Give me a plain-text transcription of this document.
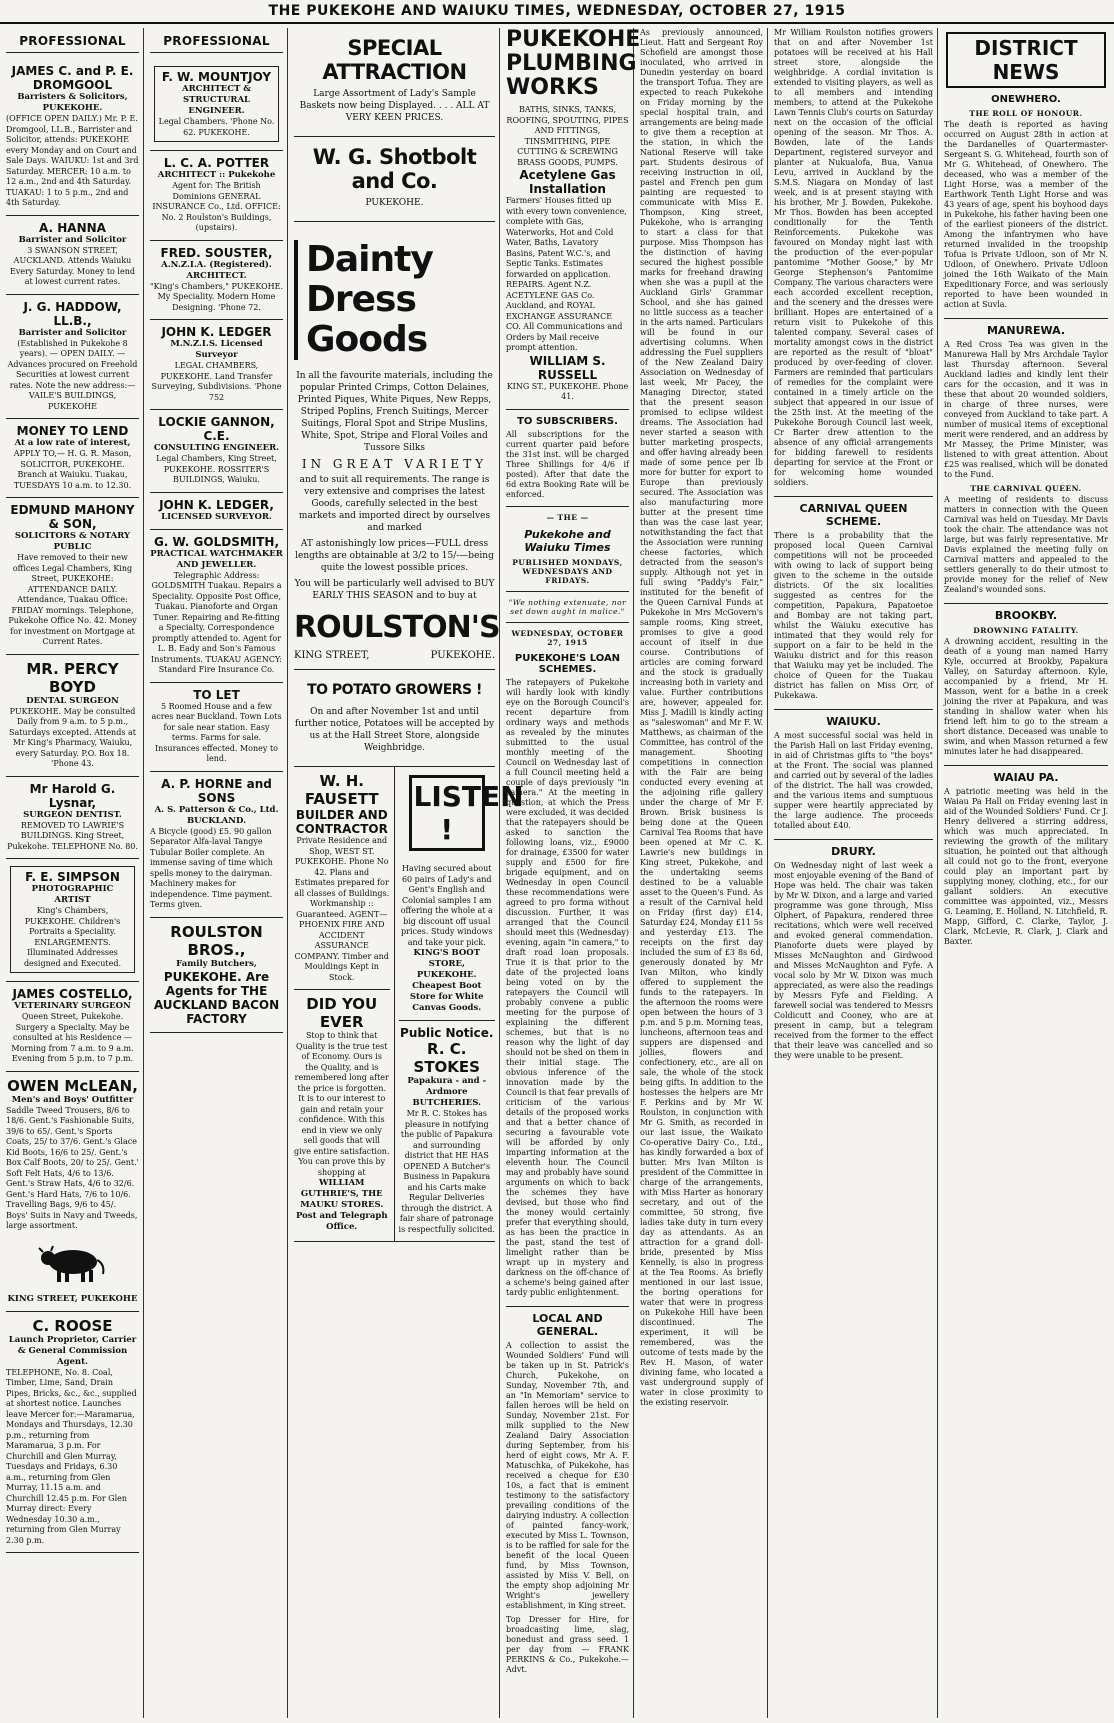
THE PUKEKOHE AND WAIUKU TIMES, WEDNESDAY, OCTOBER 27, 1915
PROFESSIONAL
JAMES C. and P. E. DROMGOOL
Barristers & Solicitors, PUKEKOHE.
(OFFICE OPEN DAILY.) Mr. P. E. Dromgool, LL.B., Barrister and Solicitor, attends: PUKEKOHE every Monday and on Court and Sale Days. WAIUKU: 1st and 3rd Saturday. MERCER: 10 a.m. to 12 a.m., 2nd and 4th Saturday. TUAKAU: 1 to 5 p.m., 2nd and 4th Saturday.
A. HANNA
Barrister and Solicitor
3 SWANSON STREET, AUCKLAND. Attends Waiuku Every Saturday. Money to lend at lowest current rates.
J. G. HADDOW, LL.B.,
Barrister and Solicitor
(Established in Pukekohe 8 years). — OPEN DAILY. — Advances procured on Freehold Securities at lowest current rates. Note the new address:— VAILE'S BUILDINGS, PUKEKOHE
MONEY TO LEND
At a low rate of interest,
APPLY TO,— H. G. R. Mason, SOLICITOR, PUKEKOHE. Branch at Waiuku. Tuakau, TUESDAYS 10 a.m. to 12.30.
EDMUND MAHONY & SON,
SOLICITORS & NOTARY PUBLIC
Have removed to their new offices Legal Chambers, King Street, PUKEKOHE: ATTENDANCE DAILY. Attendance, Tuakau Office: FRIDAY mornings. Telephone, Pukekohe Office No. 42. Money for investment on Mortgage at Current Rates.
MR. PERCY BOYD
DENTAL SURGEON
PUKEKOHE. May be consulted Daily from 9 a.m. to 5 p.m., Saturdays excepted. Attends at Mr King's Pharmacy, Waiuku, every Saturday. P.O. Box 18. 'Phone 43.
Mr Harold G. Lysnar,
SURGEON DENTIST.
REMOVED TO LAWRIE'S BUILDINGS. King Street, Pukekohe. TELEPHONE No. 80.
F. E. SIMPSON
PHOTOGRAPHIC ARTIST
King's Chambers, PUKEKOHE. Children's Portraits a Speciality. ENLARGEMENTS. Illuminated Addresses designed and Executed.
JAMES COSTELLO,
VETERINARY SURGEON
Queen Street, Pukekohe. Surgery a Specialty. May be consulted at his Residence — Morning from 7 a.m. to 9 a.m. Evening from 5 p.m. to 7 p.m.
OWEN McLEAN,
Men's and Boys' Outfitter
Saddle Tweed Trousers, 8/6 to 18/6. Gent.'s Fashionable Suits, 39/6 to 65/. Gent.'s Sports Coats, 25/ to 37/6. Gent.'s Glace Kid Boots, 16/6 to 25/. Gent.'s Box Calf Boots, 20/ to 25/. Gent.' Soft Felt Hats, 4/6 to 13/6. Gent.'s Straw Hats, 4/6 to 32/6. Gent.'s Hard Hats, 7/6 to 10/6. Travelling Bags, 9/6 to 45/. Boys' Suits in Navy and Tweeds, large assortment.
KING STREET, PUKEKOHE
C. ROOSE
Launch Proprietor, Carrier & General Commission Agent.
TELEPHONE, No. 8. Coal, Timber, Lime, Sand, Drain Pipes, Bricks, &c., &c., supplied at shortest notice. Launches leave Mercer for:—Maramarua, Mondays and Thursdays, 12.30 p.m., returning from Maramarua, 3 p.m. For Churchill and Glen Murray, Tuesdays and Fridays, 6.30 a.m., returning from Glen Murray, 11.15 a.m. and Churchill 12.45 p.m. For Glen Murray direct: Every Wednesday 10.30 a.m., returning from Glen Murray 2.30 p.m.
PROFESSIONAL
F. W. MOUNTJOY
ARCHITECT & STRUCTURAL ENGINEER.
Legal Chambers. 'Phone No. 62. PUKEKOHE.
L. C. A. POTTER
ARCHITECT :: Pukekohe
Agent for: The British Dominions GENERAL INSURANCE Co., Ltd. OFFICE: No. 2 Roulston's Buildings, (upstairs).
FRED. SOUSTER,
A.N.Z.I.A. (Registered). ARCHITECT.
"King's Chambers," PUKEKOHE. My Speciality. Modern Home Designing. 'Phone 72.
JOHN K. LEDGER
M.N.Z.I.S. Licensed Surveyor
LEGAL CHAMBERS, PUKEKOHE. Land Transfer Surveying, Subdivisions. 'Phone 752
LOCKIE GANNON, C.E.
CONSULTING ENGINEER.
Legal Chambers, King Street, PUKEKOHE. ROSSITER'S BUILDINGS, Waiuku.
JOHN K. LEDGER,
LICENSED SURVEYOR.
G. W. GOLDSMITH,
PRACTICAL WATCHMAKER AND JEWELLER.
Telegraphic Address: GOLDSMITH Tuakau. Repairs a Speciality. Opposite Post Office, Tuakau. Pianoforte and Organ Tuner. Repairing and Re-fitting a Specialty. Correspondence promptly attended to. Agent for L. B. Eady and Son's Famous Instruments. TUAKAU AGENCY: Standard Fire Insurance Co.
TO LET
5 Roomed House and a few acres near Buckland. Town Lots for sale near station. Easy terms. Farms for sale. Insurances effected. Money to lend.
A. P. HORNE and SONS
A. S. Patterson & Co., Ltd. BUCKLAND.
A Bicycle (good) £5. 90 gallon Separator Alfa-laval Tangye Tubular Boiler complete. An immense saving of time which spells money to the dairyman. Machinery makes for independence. Time payment. Terms given.
ROULSTON BROS.,
Family Butchers,
PUKEKOHE. Are Agents for THE AUCKLAND BACON FACTORY
SPECIAL ATTRACTION
Large Assortment of Lady's Sample Baskets now being Displayed. . . . ALL AT VERY KEEN PRICES.
W. G. Shotbolt and Co.
PUKEKOHE.
Dainty
Dress Goods
In all the favourite materials, including the popular Printed Crimps, Cotton Delaines, Printed Piques, White Piques, New Repps, Striped Poplins, French Suitings, Mercer Suitings, Floral Spot and Stripe Muslins, White, Spot, Stripe and Floral Voiles and Tussore Silks
IN GREAT VARIETY
and to suit all requirements. The range is very extensive and comprises the latest Goods, carefully selected in the best markets and imported direct by ourselves and marked
AT astonishingly low prices—FULL dress lengths are obtainable at 3/2 to 15/-—being quite the lowest possible prices.
You will be particularly well advised to BUY EARLY THIS SEASON and to buy at
ROULSTON'S
KING STREET,	PUKEKOHE.
TO POTATO GROWERS !
On and after November 1st and until further notice, Potatoes will be accepted by us at the Hall Street Store, alongside Weighbridge.
W. H. FAUSETT
BUILDER AND CONTRACTOR
Private Residence and Shop, WEST ST. PUKEKOHE. Phone No 42. Plans and Estimates prepared for all classes of Buildings. Workmanship :: Guaranteed. AGENT—PHOENIX FIRE AND ACCIDENT ASSURANCE COMPANY. Timber and Mouldings Kept in Stock.
DID YOU EVER
Stop to think that Quality is the true test of Economy. Ours is the Quality, and is remembered long after the price is forgotten. It is to our interest to gain and retain your confidence. With this end in view we only sell goods that will give entire satisfaction. You can prove this by shopping at
WILLIAM GUTHRIE'S, THE MAUKU STORES. Post and Telegraph Office.
LISTEN !
Having secured about 60 pairs of Lady's and Gent's English and Colonial samples I am offering the whole at a big discount off usual prices. Study windows and take your pick.
KING'S BOOT STORE, PUKEKOHE. Cheapest Boot Store for White Canvas Goods.
Public Notice.
R. C. STOKES
Papakura - and - Ardmore BUTCHERIES.
Mr R. C. Stokes has pleasure in notifying the public of Papakura and surrounding district that HE HAS OPENED A Butcher's Business in Papakura and his Carts make Regular Deliveries through the district. A fair share of patronage is respectfully solicited.
PUKEKOHE PLUMBING WORKS
BATHS, SINKS, TANKS, ROOFING, SPOUTING, PIPES AND FITTINGS, TINSMITHING, PIPE CUTTING & SCREWING BRASS GOODS, PUMPS.
Acetylene Gas Installation
Farmers' Houses fitted up with every town convenience, complete with Gas, Waterworks, Hot and Cold Water, Baths, Lavatory Basins, Patent W.C.'s, and Septic Tanks. Estimates forwarded on application. REPAIRS. Agent N.Z. ACETYLENE GAS Co. Auckland, and ROYAL EXCHANGE ASSURANCE CO. All Communications and Orders by Mail receive prompt attention.
WILLIAM S. RUSSELL
KING ST., PUKEKOHE. Phone 41.
TO SUBSCRIBERS.
All subscriptions for the current quarter paid before the 31st inst. will be charged Three Shillings for 4/6 if posted). After that date the 6d extra Booking Rate will be enforced.
— THE —
Pukekohe and Waiuku Times
PUBLISHED MONDAYS, WEDNESDAYS AND FRIDAYS.
"We nothing extenuate, nor set down aught in malice."
WEDNESDAY, OCTOBER 27, 1915
PUKEKOHE'S LOAN SCHEMES.
The ratepayers of Pukekohe will hardly look with kindly eye on the Borough Council's recent departure from ordinary ways and methods as revealed by the minutes submitted to the usual monthly meeting of the Council on Wednesday last of a full Council meeting held a couple of days previously "in camera." At the meeting in question, at which the Press were excluded, it was decided that the ratepayers should be asked to sanction the following loans, viz., £9000 for drainage, £3500 for water supply and £500 for fire brigade equipment, and on Wednesday in open Council these recommendations were agreed to pro forma without discussion. Further, it was arranged that the Council should meet this (Wednesday) evening, again "in camera," to draft road loan proposals. True it is that prior to the date of the projected loans being voted on by the ratepayers the Council will probably convene a public meeting for the purpose of explaining the different schemes, but that is no reason why the light of day should not be shed on them in their initial stage. The obvious inference of the innovation made by the Council is that fear prevails of criticism of the various details of the proposed works and that a better chance of securing a favourable vote will be afforded by only imparting information at the eleventh hour. The Council may and probably have sound arguments on which to back the schemes they have devised, but those who find the money would certainly prefer that everything should, as has been the practice in the past, stand the test of limelight rather than be wrapt up in mystery and darkness on the off-chance of a scheme's being gained after tardy public enlightenment.
LOCAL AND GENERAL.
A collection to assist the Wounded Soldiers' Fund will be taken up in St. Patrick's Church, Pukekohe, on Sunday, November 7th, and an "In Memoriam" service to fallen heroes will be held on Sunday, November 21st. For milk supplied to the New Zealand Dairy Association during September, from his herd of eight cows, Mr A. F. Matuschka, of Pukekohe, has received a cheque for £30 10s, a fact that is eminent testimony to the satisfactory prevailing conditions of the dairying industry. A collection of painted fancy-work, executed by Miss L. Townson, is to be raffled for sale for the benefit of the local Queen fund, by Miss Townson, assisted by Miss V. Bell, on the empty shop adjoining Mr Wright's jewellery establishment, in King street.
Top Dresser for Hire, for broadcasting lime, slag, bonedust and grass seed. 1 per day from — FRANK PERKINS & Co., Pukekohe.—Advt.
As previously announced, Lieut. Hatt and Sergeant Roy Schofield are amongst those inoculated, who arrived in Dunedin yesterday on board the transport Tofua. They are expected to reach Pukekohe on Friday morning by the special hospital train, and arrangements are being made to give them a reception at the station, in which the National Reserve will take part. Students desirous of receiving instruction in oil, pastel and French pen gum painting are requested to communicate with Miss E. Thompson, King street, Pukekohe, who is arranging to start a class for that purpose. Miss Thompson has the distinction of having secured the highest possible marks for freehand drawing when she was a pupil at the Auckland Girls' Grammar School, and she has gained no little success as a teacher in the arts named. Particulars will be found in our advertising columns. When addressing the Fuel suppliers of the New Zealand Dairy Association on Wednesday of last week, Mr Pacey, the Managing Director, stated that the present season promised to eclipse wildest dreams. The Association had never started a season with butter marketing prospects, and offer having already been made of some pence per lb more for butter for export to Europe than previously secured. The Association was also manufacturing more butter at the present time than was the case last year, notwithstanding the fact that the Association were running cheese factories, which detracted from the season's supply. Although not yet in full swing "Paddy's Fair," instituted for the benefit of the Queen Carnival Funds at Pukekohe in Mrs McGovern's sample rooms, King street, promises to give a good account of itself in due course. Contributions of articles are coming forward and the stock is gradually increasing both in variety and value. Further contributions are, however, appealed for. Miss J. Madill is kindly acting as "saleswoman" and Mr F. W. Matthews, as chairman of the Committee, has control of the management. Shooting competitions in connection with the Fair are being conducted every evening at the adjoining rifle gallery under the charge of Mr F. Brown. Brisk business is being done at the Queen Carnival Tea Rooms that have been opened at Mr C. K. Lawrie's new buildings in King street, Pukekohe, and the undertaking seems destined to be a valuable asset to the Queen's Fund. As a result of the Carnival held on Friday (first day) £14, Saturday £24, Monday £11 5s and yesterday £13. The receipts on the first day included the sum of £3 8s 6d, generously donated by Mr Ivan Milton, who kindly offered to supplement the funds to the ratepayers. In the afternoon the rooms were open between the hours of 3 p.m. and 5 p.m. Morning teas, luncheons, afternoon teas and suppers are dispensed and jollies, flowers and confectionery, etc., are all on sale, the whole of the stock being gifts. In addition to the hostesses the helpers are Mr F. Perkins and by Mr W. Roulston, in conjunction with Mr G. Smith, as recorded in our last issue, the Waikato Co-operative Dairy Co., Ltd., has kindly forwarded a box of butter. Mrs Ivan Milton is president of the Committee in charge of the arrangements, with Miss Harter as honorary secretary, and out of the committee, 50 strong, five ladies take duty in turn every day as attendants. As an attraction for a grand doll-bride, presented by Miss Kennelly, is also in progress at the Tea Rooms. As briefly mentioned in our last issue, the boring operations for water that were in progress on Pukekohe Hill have been discontinued. The experiment, it will be remembered, was the outcome of tests made by the Rev. H. Mason, of water divining fame, who located a vast underground supply of water in close proximity to the existing reservoir.
Mr William Roulston notifies growers that on and after November 1st potatoes will be received at his Hall street store, alongside the weighbridge. A cordial invitation is extended to visiting players, as well as to all members and intending members, to attend at the Pukekohe Lawn Tennis Club's courts on Saturday next on the occasion of the official opening of the season. Mr Thos. A. Bowden, late of the Lands Department, registered surveyor and planter at Nukualofa, Bua, Vanua Levu, arrived in Auckland by the S.M.S. Niagara on Monday of last week, and is at present staying with his brother, Mr J. Bowden, Pukekohe. Mr Thos. Bowden has been accepted conditionally for the Tenth Reinforcements. Pukekohe was favoured on Monday night last with the production of the ever-popular pantomime "Mother Goose," by Mr George Stephenson's Pantomime Company. The various characters were each accorded excellent reception, and the scenery and the dresses were brilliant. Hopes are entertained of a return visit to Pukekohe of this talented company. Several cases of mortality amongst cows in the district are reported as the result of "bloat" produced by over-feeding of clover. Farmers are reminded that particulars of remedies for the complaint were contained in a timely article on the subject that appeared in our issue of the 25th inst. At the meeting of the Pukekohe Borough Council last week, Cr Barter drew attention to the absence of any official arrangements for bidding farewell to residents departing for service at the Front or for welcoming home wounded soldiers.
CARNIVAL QUEEN SCHEME.
There is a probability that the proposed local Queen Carnival competitions will not be proceeded with owing to lack of support being given to the scheme in the outside districts. Of the six localities suggested as centres for the competition, Papakura, Papatoetoe and Bombay are not taking part, whilst the Waiuku executive has intimated that they would rely for support on a fair to be held in the Waiuku district and for this reason that Waiuku may yet be included. The choice of Queen for the Tuakau district has fallen on Miss Orr, of Pukekawa.
WAIUKU.
A most successful social was held in the Parish Hall on last Friday evening, in aid of Christmas gifts to "the boys" at the Front. The social was planned and carried out by several of the ladies of the district. The hall was crowded, and the various items and sumptuous supper were heartily appreciated by the large audience. The proceeds totalled about £40.
DRURY.
On Wednesday night of last week a most enjoyable evening of the Band of Hope was held. The chair was taken by Mr W. Dixon, and a large and varied programme was gone through, Miss Olphert, of Papakura, rendered three recitations, which were well received and evoked general commendation. Pianoforte duets were played by Misses McNaughton and Girdwood and Misses McNaughton and Fyfe. A vocal solo by Mr W. Dixon was much appreciated, as were also the readings by Messrs Fyfe and Fielding. A farewell social was tendered to Messrs Coldicutt and Cooney, who are at present in camp, but a telegram received from the former to the effect that their leave was cancelled and so they were unable to be present.
DISTRICT NEWS
ONEWHERO.
THE ROLL OF HONOUR.
The death is reported as having occurred on August 28th in action at the Dardanelles of Quartermaster-Sergeant S. G. Whitehead, fourth son of Mr G. Whitehead, of Onewhero. The deceased, who was a member of the Light Horse, was a member of the Earthwork Tenth Light Horse and was 43 years of age, spent his boyhood days in Pukekohe, his father having been one of the earliest pioneers of the district. Among the infantrymen who have returned invalided in the troopship Tofua is Private Udloon, son of Mr N. Udloon, of Onewhero. Private Udloon joined the 16th Waikato of the Main Expeditionary Force, and was seriously reported to have been wounded in action at Suvla.
MANUREWA.
A Red Cross Tea was given in the Manurewa Hall by Mrs Archdale Taylor last Thursday afternoon. Several Auckland ladies and kindly lent their cars for the occasion, and it was in these that about 20 wounded soldiers, in charge of three nurses, were conveyed from Auckland to take part. A number of musical items of exceptional merit were rendered, and an address by Mr Massey, the Prime Minister, was listened to with great attention. About £25 was realised, which will be donated to the Fund.
THE CARNIVAL QUEEN.
A meeting of residents to discuss matters in connection with the Queen Carnival was held on Tuesday. Mr Davis took the chair. The attendance was not large, but was fairly representative. Mr Davis explained the meeting fully on Carnival matters and appealed to the settlers generally to do their utmost to provide money for the relief of New Zealand's wounded sons.
BROOKBY.
DROWNING FATALITY.
A drowning accident, resulting in the death of a young man named Harry Kyle, occurred at Brookby, Papakura Valley, on Saturday afternoon. Kyle, accompanied by a friend, Mr H. Masson, went for a bathe in a creek joining the river at Papakura, and was standing in shallow water when his friend left him to go to the stream a short distance. Deceased was unable to swim, and when Masson returned a few minutes later he had disappeared.
WAIAU PA.
A patriotic meeting was held in the Waiau Pa Hall on Friday evening last in aid of the Wounded Soldiers' Fund. Cr J. Henry delivered a stirring address, which was much appreciated. In reviewing the growth of the military situation, he pointed out that although all could not go to the front, everyone could play an important part by supplying money, clothing, etc., for our gallant soldiers. An executive committee was appointed, viz., Messrs G. Leaming, E. Holland, N. Litchfield, R. Mapp, Gifford, C. Clarke, Taylor, J. Clark, McLevie, R. Clark, J. Clark and Baxter.
